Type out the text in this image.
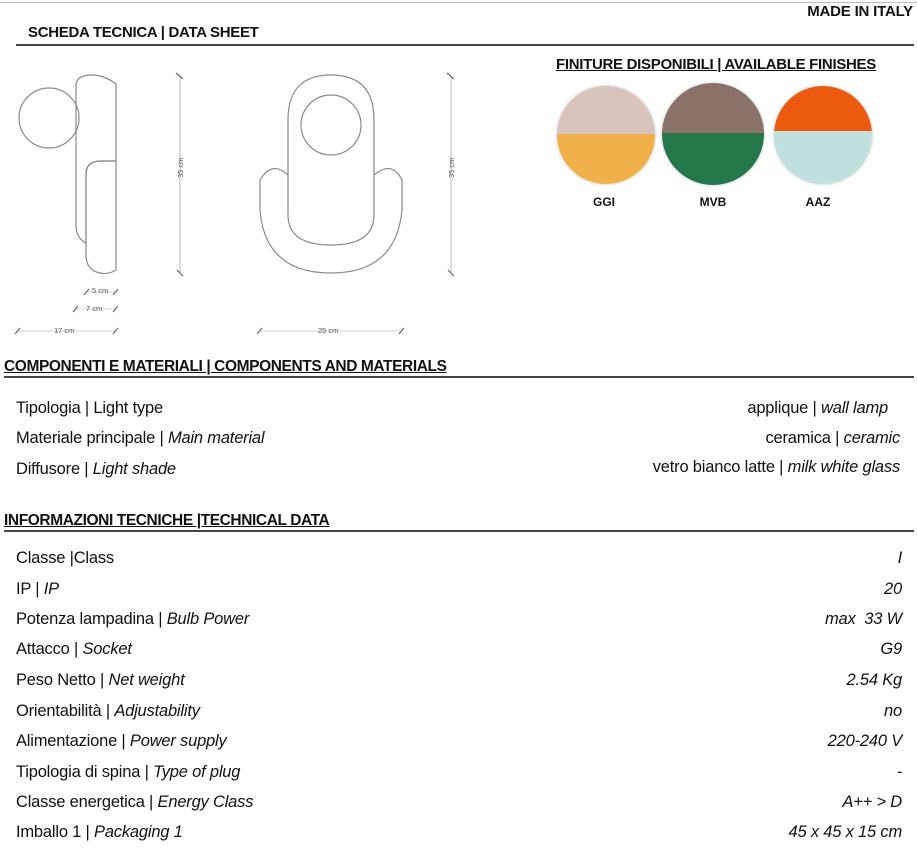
MADE IN ITALY
SCHEDA TECNICA | DATA SHEET
35 cm	35 cm
5 cm
7 cm
17 cm	25 cm
FINITURE DISPONIBILI | AVAILABLE FINISHES
GGI	MVB	AAZ
COMPONENTI E MATERIALI | COMPONENTS AND MATERIALS
Tipologia | Light type	applique | wall lamp
Materiale principale | Main material	ceramica | ceramic
Diffusore | Light shade	vetro bianco latte | milk white glass
INFORMAZIONI TECNICHE |TECHNICAL DATA
Classe |Class	I
IP | IP	20
Potenza lampadina | Bulb Power	max  33 W
Attacco | Socket	G9
Peso Netto | Net weight	2.54 Kg
Orientabilità | Adjustability	no
Alimentazione | Power supply	220-240 V
Tipologia di spina | Type of plug	-
Classe energetica | Energy Class	A++ > D
Imballo 1 | Packaging 1	45 x 45 x 15 cm
